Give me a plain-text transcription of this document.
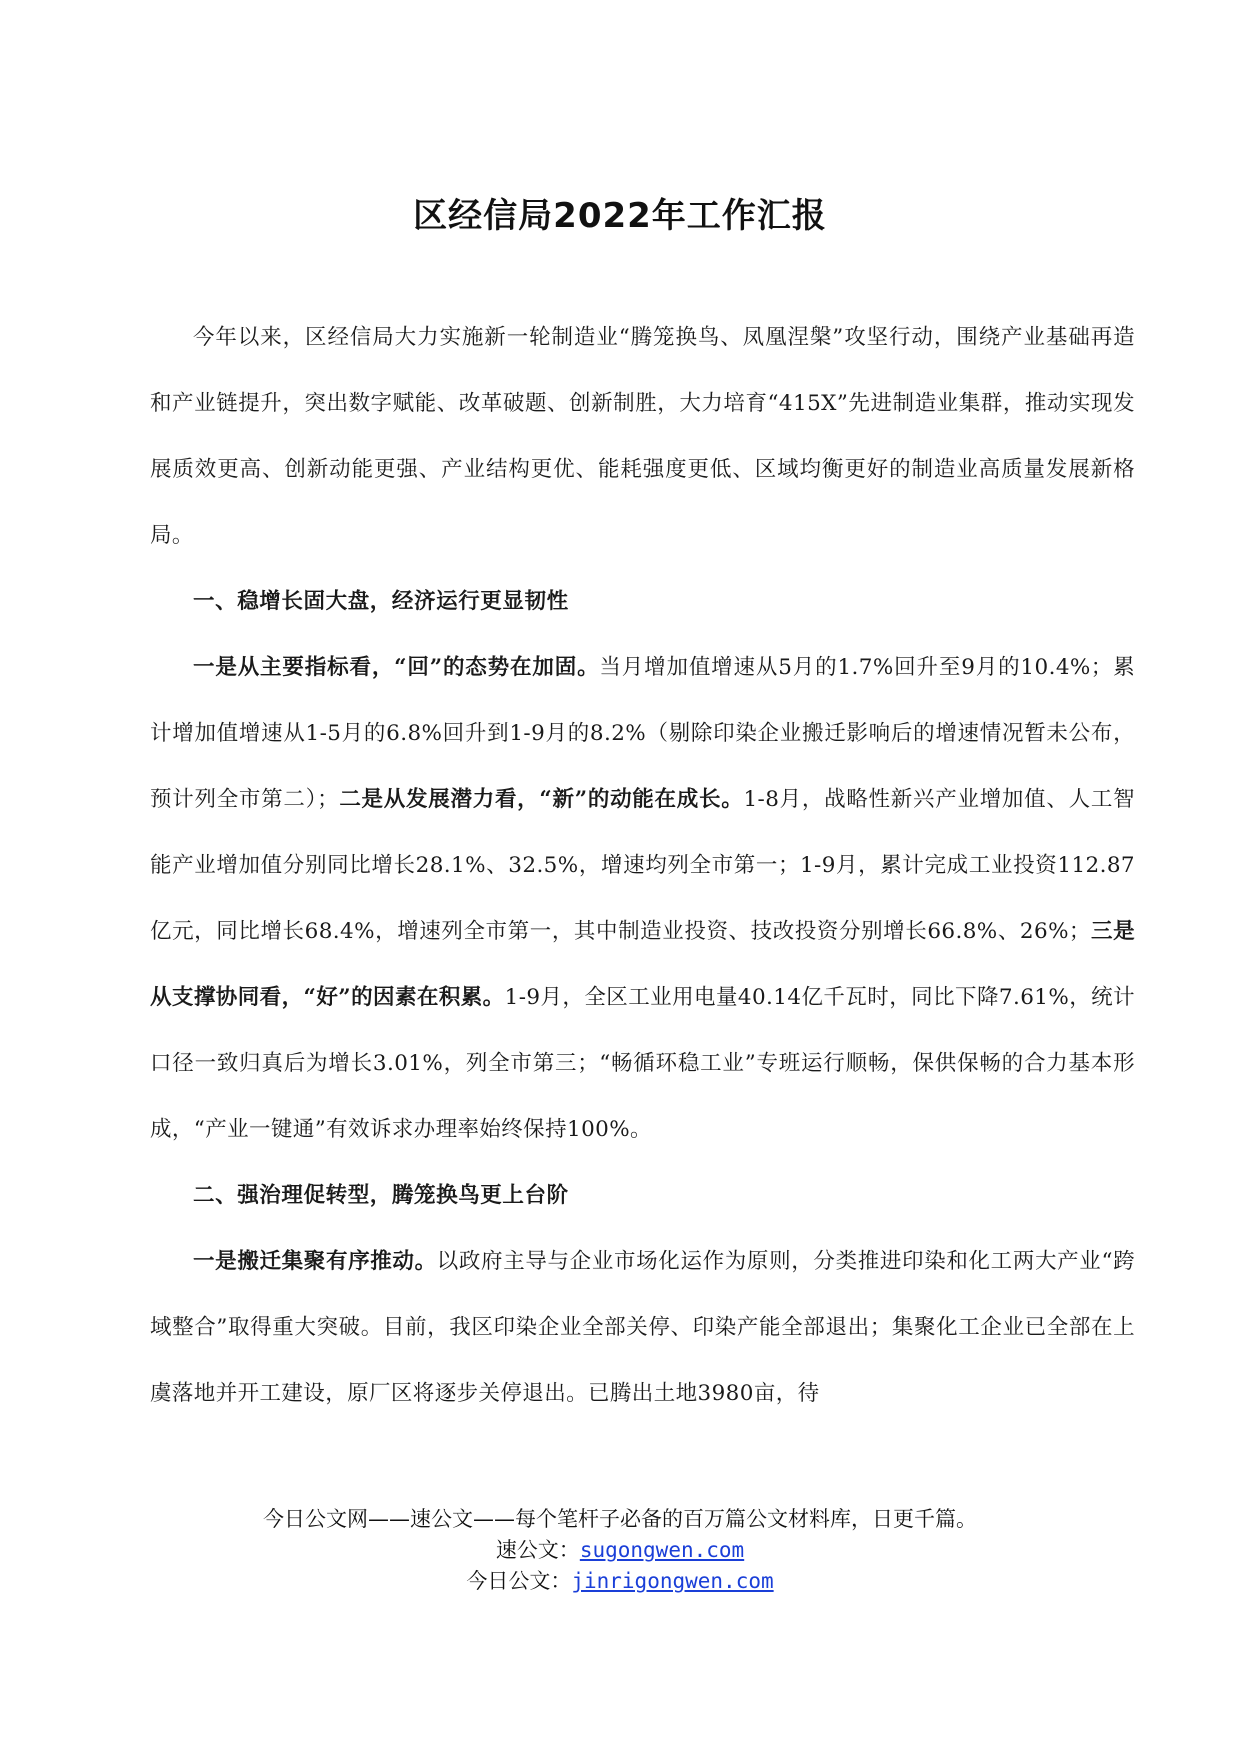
区经信局2022年工作汇报

今年以来，区经信局大力实施新一轮制造业“腾笼换鸟、凤凰涅槃”攻坚行动，围绕产业基础再造和产业链提升，突出数字赋能、改革破题、创新制胜，大力培育“415X”先进制造业集群，推动实现发展质效更高、创新动能更强、产业结构更优、能耗强度更低、区域均衡更好的制造业高质量发展新格局。

一、稳增长固大盘，经济运行更显韧性

一是从主要指标看，“回”的态势在加固。当月增加值增速从5月的1.7%回升至9月的10.4%；累计增加值增速从1-5月的6.8%回升到1-9月的8.2%（剔除印染企业搬迁影响后的增速情况暂未公布，预计列全市第二）；二是从发展潜力看，“新”的动能在成长。1-8月，战略性新兴产业增加值、人工智能产业增加值分别同比增长28.1%、32.5%，增速均列全市第一；1-9月，累计完成工业投资112.87亿元，同比增长68.4%，增速列全市第一，其中制造业投资、技改投资分别增长66.8%、26%；三是从支撑协同看，“好”的因素在积累。1-9月，全区工业用电量40.14亿千瓦时，同比下降7.61%，统计口径一致归真后为增长3.01%，列全市第三；“畅循环稳工业”专班运行顺畅，保供保畅的合力基本形成，“产业一键通”有效诉求办理率始终保持100%。

二、强治理促转型，腾笼换鸟更上台阶

一是搬迁集聚有序推动。以政府主导与企业市场化运作为原则，分类推进印染和化工两大产业“跨域整合”取得重大突破。目前，我区印染企业全部关停、印染产能全部退出；集聚化工企业已全部在上虞落地并开工建设，原厂区将逐步关停退出。已腾出土地3980亩，待

今日公文网——速公文——每个笔杆子必备的百万篇公文材料库，日更千篇。
速公文：sugongwen.com
今日公文：jinrigongwen.com
